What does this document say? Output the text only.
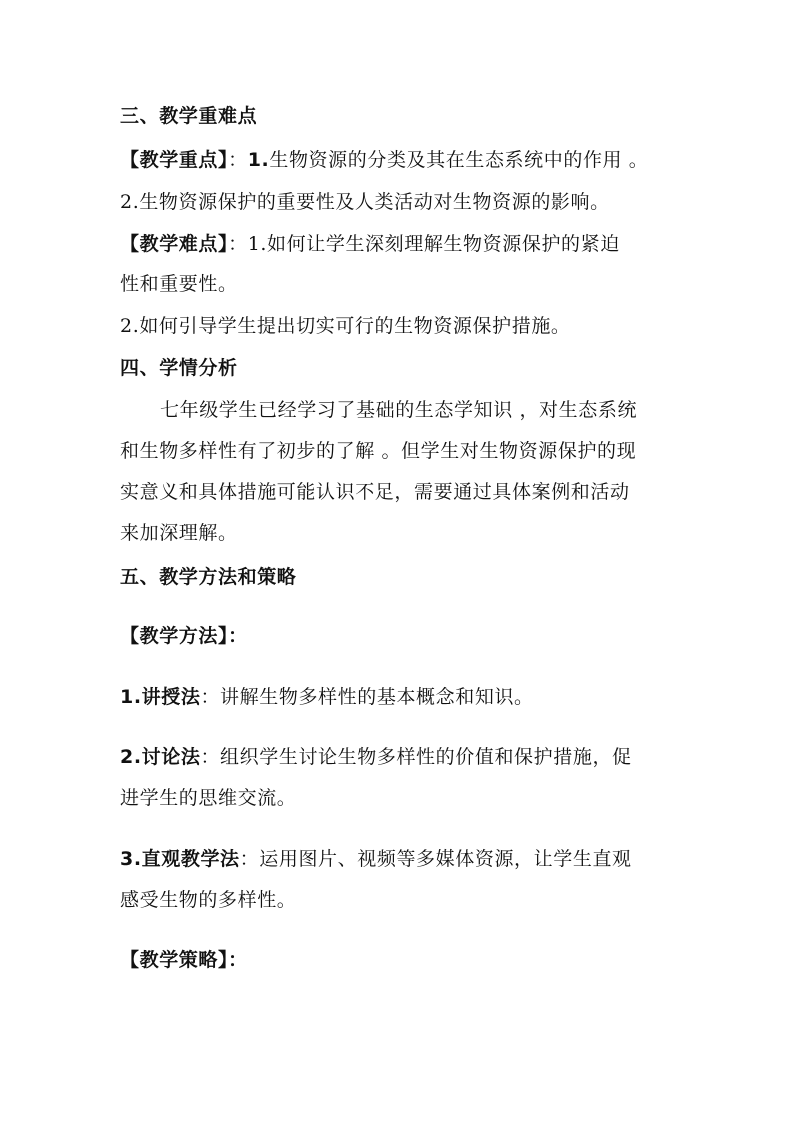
三、教学重难点
【教学重点】：1.生物资源的分类及其在生态系统中的作用 。
2.生物资源保护的重要性及人类活动对生物资源的影响。
【教学难点】：1.如何让学生深刻理解生物资源保护的紧迫
性和重要性。
2.如何引导学生提出切实可行的生物资源保护措施。
四、学情分析
七年级学生已经学习了基础的生态学知识 ，对生态系统
和生物多样性有了初步的了解 。但学生对生物资源保护的现
实意义和具体措施可能认识不足，需要通过具体案例和活动
来加深理解。
五、教学方法和策略
【教学方法】：
1.讲授法：讲解生物多样性的基本概念和知识。
2.讨论法：组织学生讨论生物多样性的价值和保护措施，促
进学生的思维交流。
3.直观教学法：运用图片、视频等多媒体资源，让学生直观
感受生物的多样性。
【教学策略】：
